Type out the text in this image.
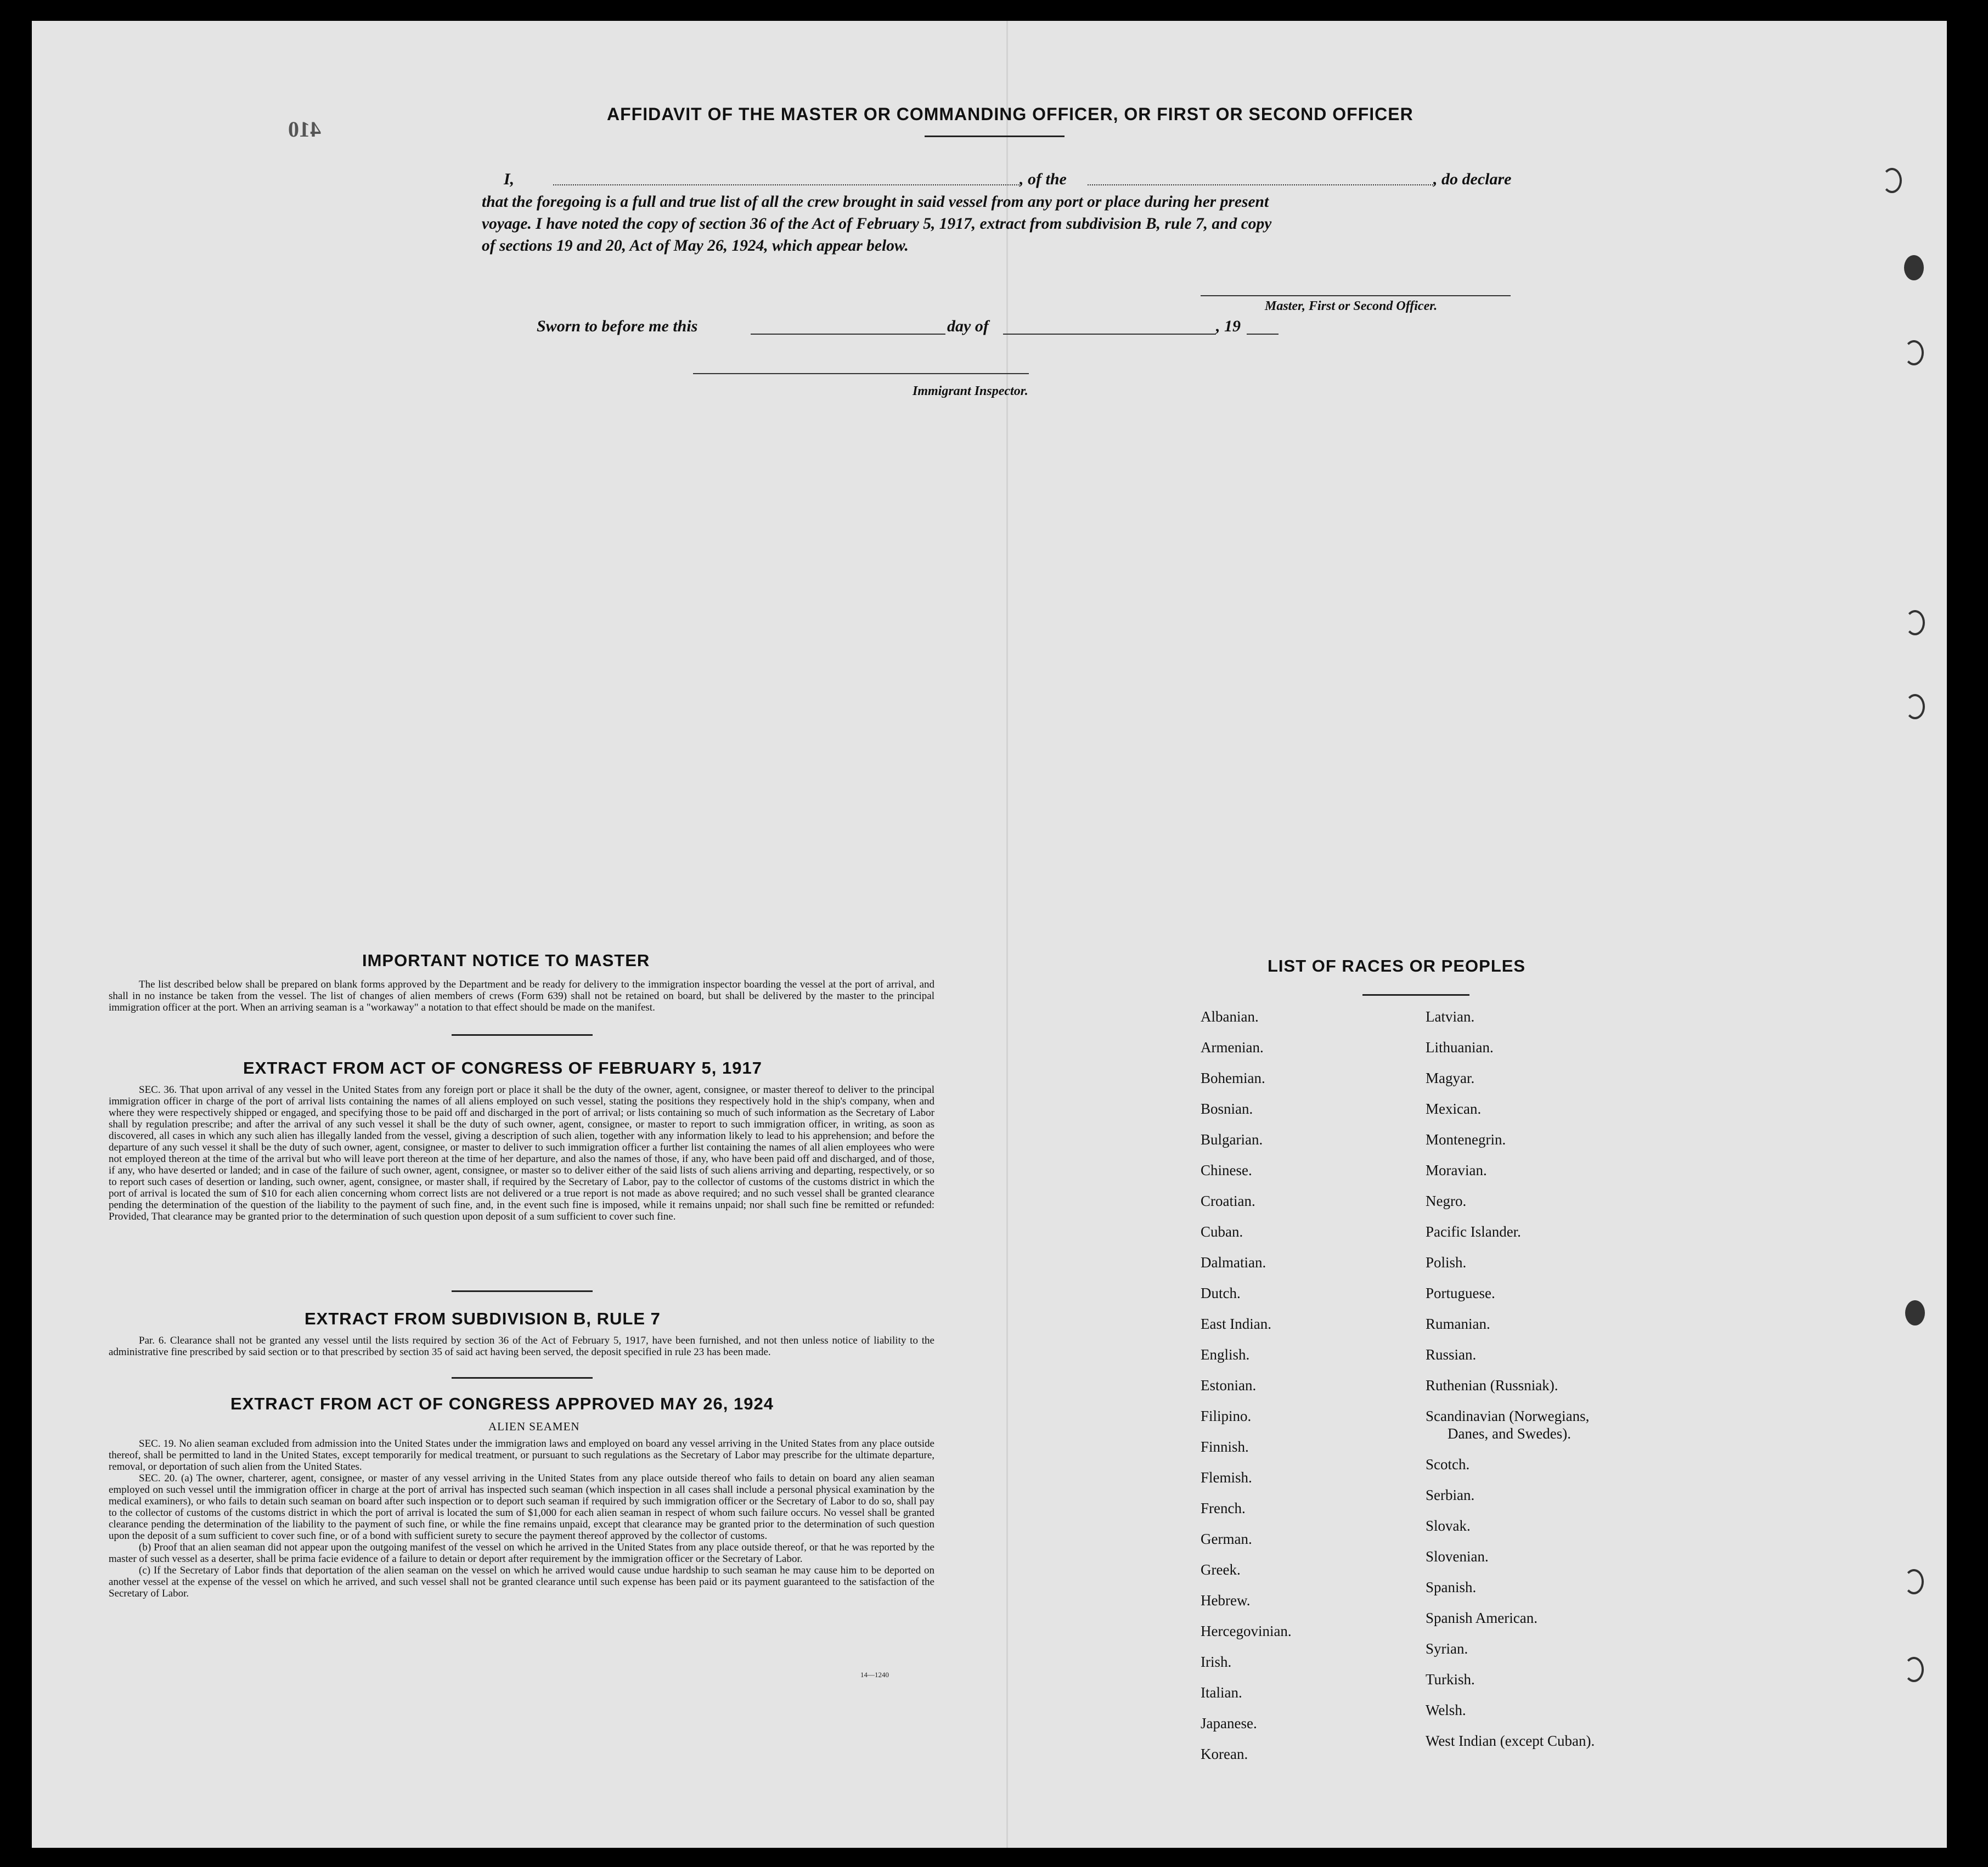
410
AFFIDAVIT OF THE MASTER OR COMMANDING OFFICER, OR FIRST OR SECOND OFFICER
I,	, of the	, do declare
that the foregoing is a full and true list of all the crew brought in said vessel from any port or place during her present
voyage. I have noted the copy of section 36 of the Act of February 5, 1917, extract from subdivision B, rule 7, and copy
of sections 19 and 20, Act of May 26, 1924, which appear below.
Master, First or Second Officer.
Sworn to before me this	day of	, 19
Immigrant Inspector.
IMPORTANT NOTICE TO MASTER

The list described below shall be prepared on blank forms approved by the Department and be ready for delivery to the immigration inspector boarding the vessel at the port of arrival, and shall in no instance be taken from the vessel. The list of changes of alien members of crews (Form 639) shall not be retained on board, but shall be delivered by the master to the principal immigration officer at the port. When an arriving seaman is a "workaway" a notation to that effect should be made on the manifest.

EXTRACT FROM ACT OF CONGRESS OF FEBRUARY 5, 1917

SEC. 36. That upon arrival of any vessel in the United States from any foreign port or place it shall be the duty of the owner, agent, consignee, or master thereof to deliver to the principal immigration officer in charge of the port of arrival lists containing the names of all aliens employed on such vessel, stating the positions they respectively hold in the ship's company, when and where they were respectively shipped or engaged, and specifying those to be paid off and discharged in the port of arrival; or lists containing so much of such information as the Secretary of Labor shall by regulation prescribe; and after the arrival of any such vessel it shall be the duty of such owner, agent, consignee, or master to report to such immigration officer, in writing, as soon as discovered, all cases in which any such alien has illegally landed from the vessel, giving a description of such alien, together with any information likely to lead to his apprehension; and before the departure of any such vessel it shall be the duty of such owner, agent, consignee, or master to deliver to such immigration officer a further list containing the names of all alien employees who were not employed thereon at the time of the arrival but who will leave port thereon at the time of her departure, and also the names of those, if any, who have been paid off and discharged, and of those, if any, who have deserted or landed; and in case of the failure of such owner, agent, consignee, or master so to deliver either of the said lists of such aliens arriving and departing, respectively, or so to report such cases of desertion or landing, such owner, agent, consignee, or master shall, if required by the Secretary of Labor, pay to the collector of customs of the customs district in which the port of arrival is located the sum of $10 for each alien concerning whom correct lists are not delivered or a true report is not made as above required; and no such vessel shall be granted clearance pending the determination of the question of the liability to the payment of such fine, and, in the event such fine is imposed, while it remains unpaid; nor shall such fine be remitted or refunded: Provided, That clearance may be granted prior to the determination of such question upon deposit of a sum sufficient to cover such fine.

EXTRACT FROM SUBDIVISION B, RULE 7

Par. 6. Clearance shall not be granted any vessel until the lists required by section 36 of the Act of February 5, 1917, have been furnished, and not then unless notice of liability to the administrative fine prescribed by said section or to that prescribed by section 35 of said act having been served, the deposit specified in rule 23 has been made.

EXTRACT FROM ACT OF CONGRESS APPROVED MAY 26, 1924
ALIEN SEAMEN

SEC. 19. No alien seaman excluded from admission into the United States under the immigration laws and employed on board any vessel arriving in the United States from any place outside thereof, shall be permitted to land in the United States, except temporarily for medical treatment, or pursuant to such regulations as the Secretary of Labor may prescribe for the ultimate departure, removal, or deportation of such alien from the United States.

SEC. 20. (a) The owner, charterer, agent, consignee, or master of any vessel arriving in the United States from any place outside thereof who fails to detain on board any alien seaman employed on such vessel until the immigration officer in charge at the port of arrival has inspected such seaman (which inspection in all cases shall include a personal physical examination by the medical examiners), or who fails to detain such seaman on board after such inspection or to deport such seaman if required by such immigration officer or the Secretary of Labor to do so, shall pay to the collector of customs of the customs district in which the port of arrival is located the sum of $1,000 for each alien seaman in respect of whom such failure occurs. No vessel shall be granted clearance pending the determination of the liability to the payment of such fine, or while the fine remains unpaid, except that clearance may be granted prior to the determination of such question upon the deposit of a sum sufficient to cover such fine, or of a bond with sufficient surety to secure the payment thereof approved by the collector of customs.

(b) Proof that an alien seaman did not appear upon the outgoing manifest of the vessel on which he arrived in the United States from any place outside thereof, or that he was reported by the master of such vessel as a deserter, shall be prima facie evidence of a failure to detain or deport after requirement by the immigration officer or the Secretary of Labor.

(c) If the Secretary of Labor finds that deportation of the alien seaman on the vessel on which he arrived would cause undue hardship to such seaman he may cause him to be deported on another vessel at the expense of the vessel on which he arrived, and such vessel shall not be granted clearance until such expense has been paid or its payment guaranteed to the satisfaction of the Secretary of Labor.

14—1240
LIST OF RACES OR PEOPLES
Albanian.
Armenian.
Bohemian.
Bosnian.
Bulgarian.
Chinese.
Croatian.
Cuban.
Dalmatian.
Dutch.
East Indian.
English.
Estonian.
Filipino.
Finnish.
Flemish.
French.
German.
Greek.
Hebrew.
Hercegovinian.
Irish.
Italian.
Japanese.
Korean.
Latvian.
Lithuanian.
Magyar.
Mexican.
Montenegrin.
Moravian.
Negro.
Pacific Islander.
Polish.
Portuguese.
Rumanian.
Russian.
Ruthenian (Russniak).
Scandinavian (Norwegians,
Danes, and Swedes).
Scotch.
Serbian.
Slovak.
Slovenian.
Spanish.
Spanish American.
Syrian.
Turkish.
Welsh.
West Indian (except Cuban).
